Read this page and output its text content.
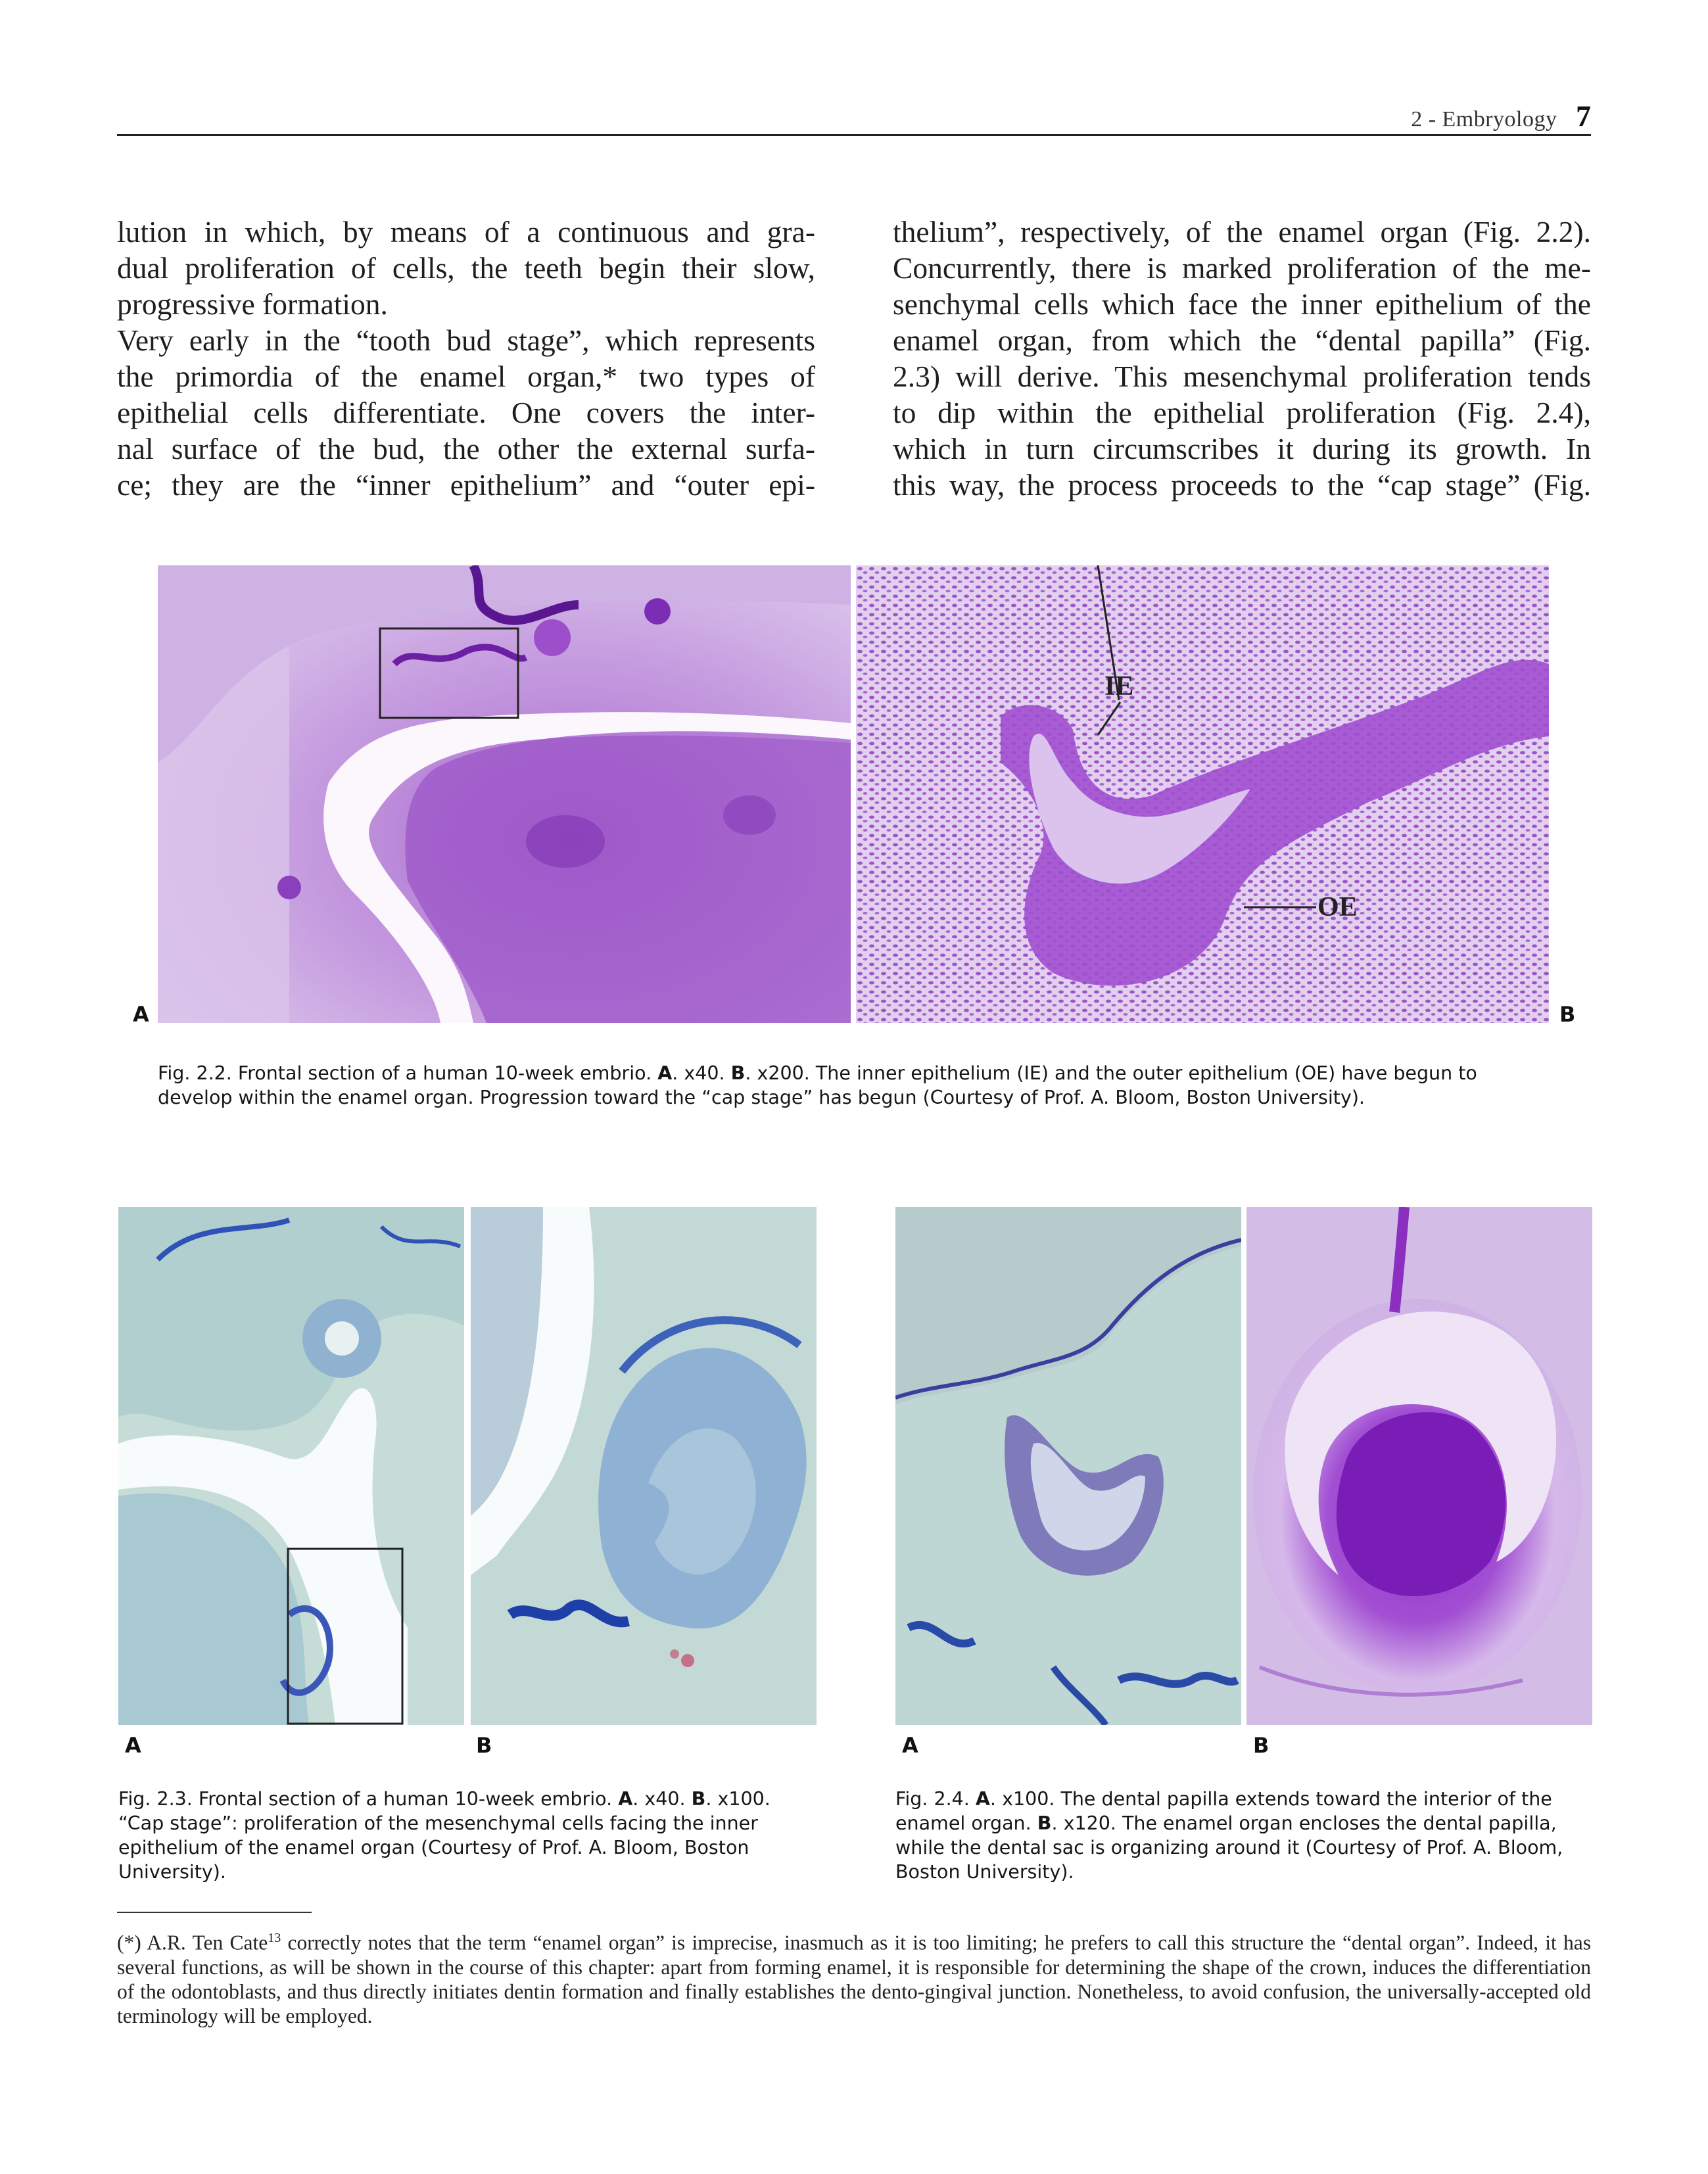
2 - Embryology 7

lution in which, by means of a continuous and gra-

dual proliferation of cells, the teeth begin their slow,

progressive formation.

Very early in the “tooth bud stage”, which represents

the primordia of the enamel organ,* two types of

epithelial cells differentiate. One covers the inter-

nal surface of the bud, the other the external surfa-

ce; they are the “inner epithelium” and “outer epi-

thelium”, respectively, of the enamel organ (Fig. 2.2).

Concurrently, there is marked proliferation of the me-

senchymal cells which face the inner epithelium of the

enamel organ, from which the “dental papilla” (Fig.

2.3) will derive. This mesenchymal proliferation tends

to dip within the epithelial proliferation (Fig. 2.4),

which in turn circumscribes it during its growth. In

this way, the process proceeds to the “cap stage” (Fig.

IE
OE
A	B
Fig. 2.2. Frontal section of a human 10-week embrio. A. x40. B. x200. The inner epithelium (IE) and the outer epithelium (OE) have begun to develop within the enamel organ. Progression toward the “cap stage” has begun (Courtesy of Prof. A. Bloom, Boston University).
A	B
Fig. 2.3. Frontal section of a human 10-week embrio. A. x40. B. x100. “Cap stage”: proliferation of the mesenchymal cells facing the inner epithelium of the enamel organ (Courtesy of Prof. A. Bloom, Boston University).
A	B
Fig. 2.4. A. x100. The dental papilla extends toward the interior of the enamel organ. B. x120. The enamel organ encloses the dental papilla, while the dental sac is organizing around it (Courtesy of Prof. A. Bloom, Boston University).
(*) A.R. Ten Cate$^{13}$ correctly notes that the term “enamel organ” is imprecise, inasmuch as it is too limiting; he prefers to call this structure the “dental organ”. Indeed, it has several functions, as will be shown in the course of this chapter: apart from forming enamel, it is responsible for determining the shape of the crown, induces the differentiation of the odontoblasts, and thus directly initiates dentin formation and finally establishes the dento-gingival junction. Nonetheless, to avoid confusion, the universally-accepted old terminology will be employed.
